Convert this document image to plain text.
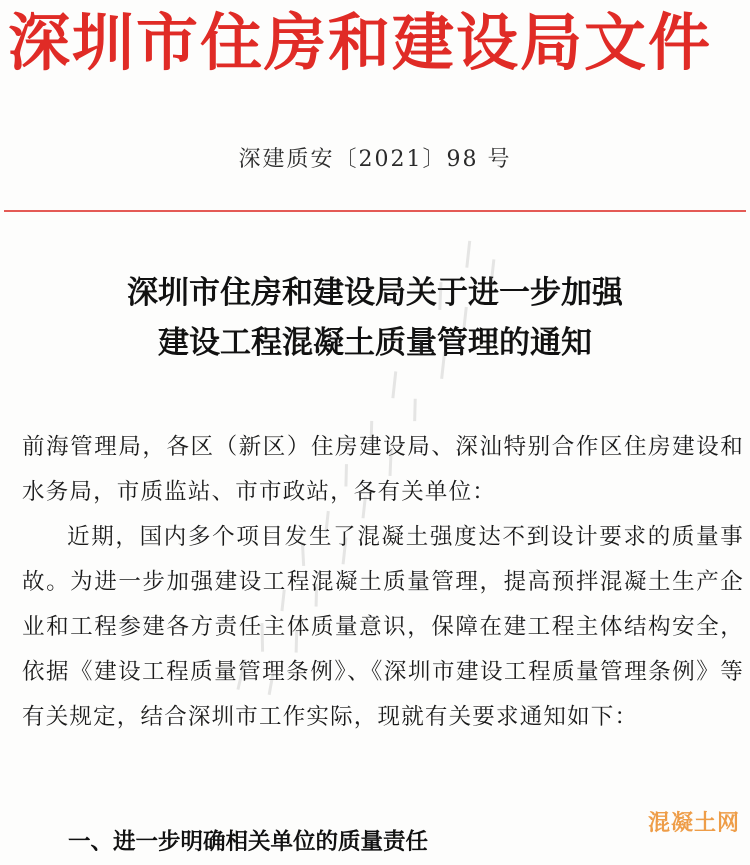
深圳市住房和建设局文件
深建质安〔2021〕98 号
深圳市住房和建设局关于进一步加强
建设工程混凝土质量管理的通知

前海管理局，各区（新区）住房建设局、深汕特别合作区住房建设和水务局，市质监站、市市政站，各有关单位：

近期，国内多个项目发生了混凝土强度达不到设计要求的质量事故。为进一步加强建设工程混凝土质量管理，提高预拌混凝土生产企业和工程参建各方责任主体质量意识，保障在建工程主体结构安全，依据《建设工程质量管理条例》、《深圳市建设工程质量管理条例》等有关规定，结合深圳市工作实际，现就有关要求通知如下：

一、进一步明确相关单位的质量责任
混凝土网
